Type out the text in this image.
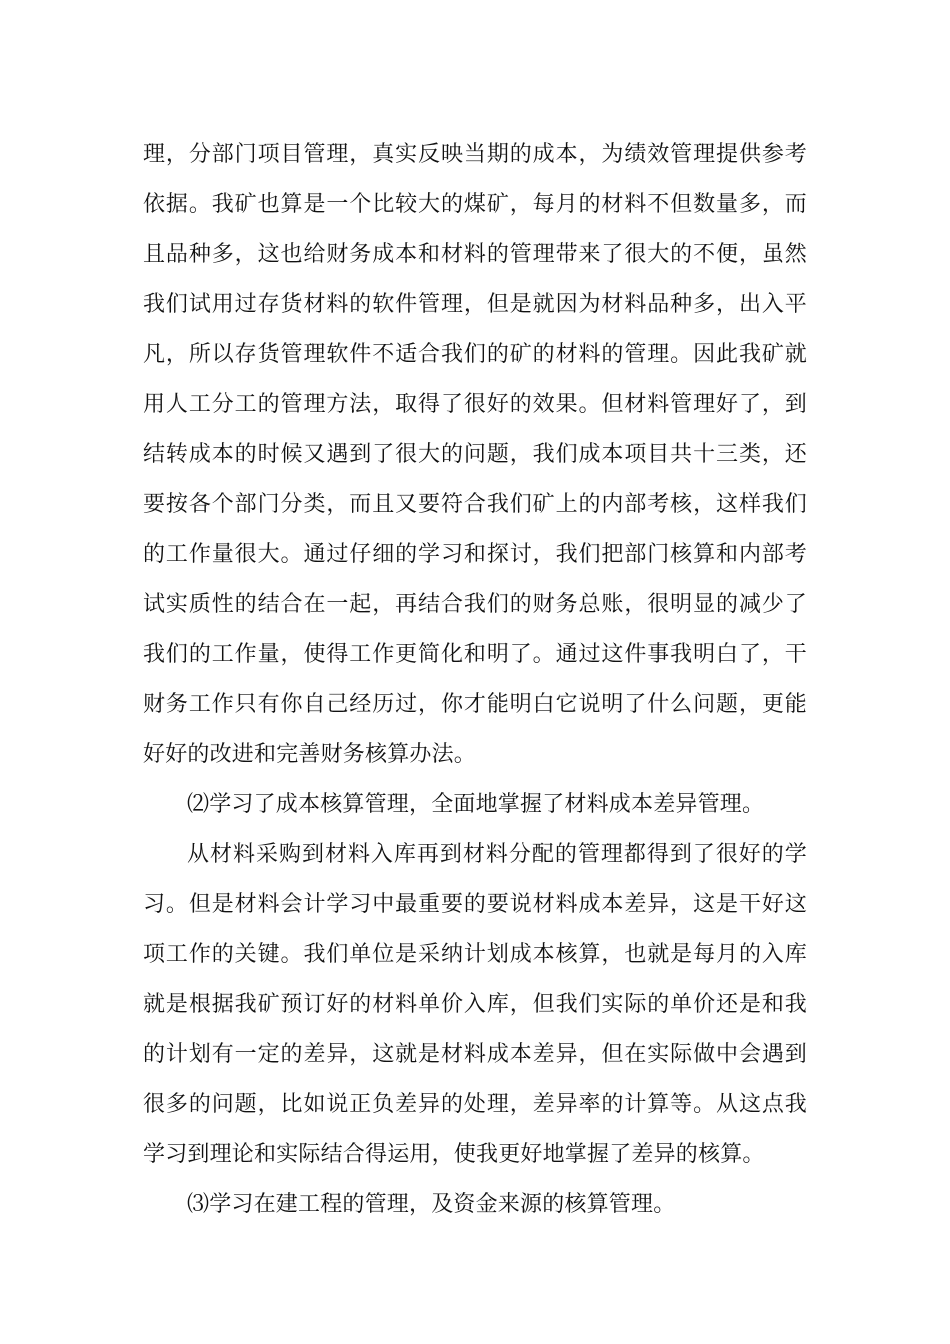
理，分部门项目管理，真实反映当期的成本，为绩效管理提供参考
依据。我矿也算是一个比较大的煤矿，每月的材料不但数量多，而
且品种多，这也给财务成本和材料的管理带来了很大的不便，虽然
我们试用过存货材料的软件管理，但是就因为材料品种多，出入平
凡，所以存货管理软件不适合我们的矿的材料的管理。因此我矿就
用人工分工的管理方法，取得了很好的效果。但材料管理好了，到
结转成本的时候又遇到了很大的问题，我们成本项目共十三类，还
要按各个部门分类，而且又要符合我们矿上的内部考核，这样我们
的工作量很大。通过仔细的学习和探讨，我们把部门核算和内部考
试实质性的结合在一起，再结合我们的财务总账，很明显的减少了
我们的工作量，使得工作更简化和明了。通过这件事我明白了，干
财务工作只有你自己经历过，你才能明白它说明了什么问题，更能
好好的改进和完善财务核算办法。
⑵学习了成本核算管理，全面地掌握了材料成本差异管理。
从材料采购到材料入库再到材料分配的管理都得到了很好的学
习。但是材料会计学习中最重要的要说材料成本差异，这是干好这
项工作的关键。我们单位是采纳计划成本核算，也就是每月的入库
就是根据我矿预订好的材料单价入库，但我们实际的单价还是和我
的计划有一定的差异，这就是材料成本差异，但在实际做中会遇到
很多的问题，比如说正负差异的处理，差异率的计算等。从这点我
学习到理论和实际结合得运用，使我更好地掌握了差异的核算。
⑶学习在建工程的管理，及资金来源的核算管理。
